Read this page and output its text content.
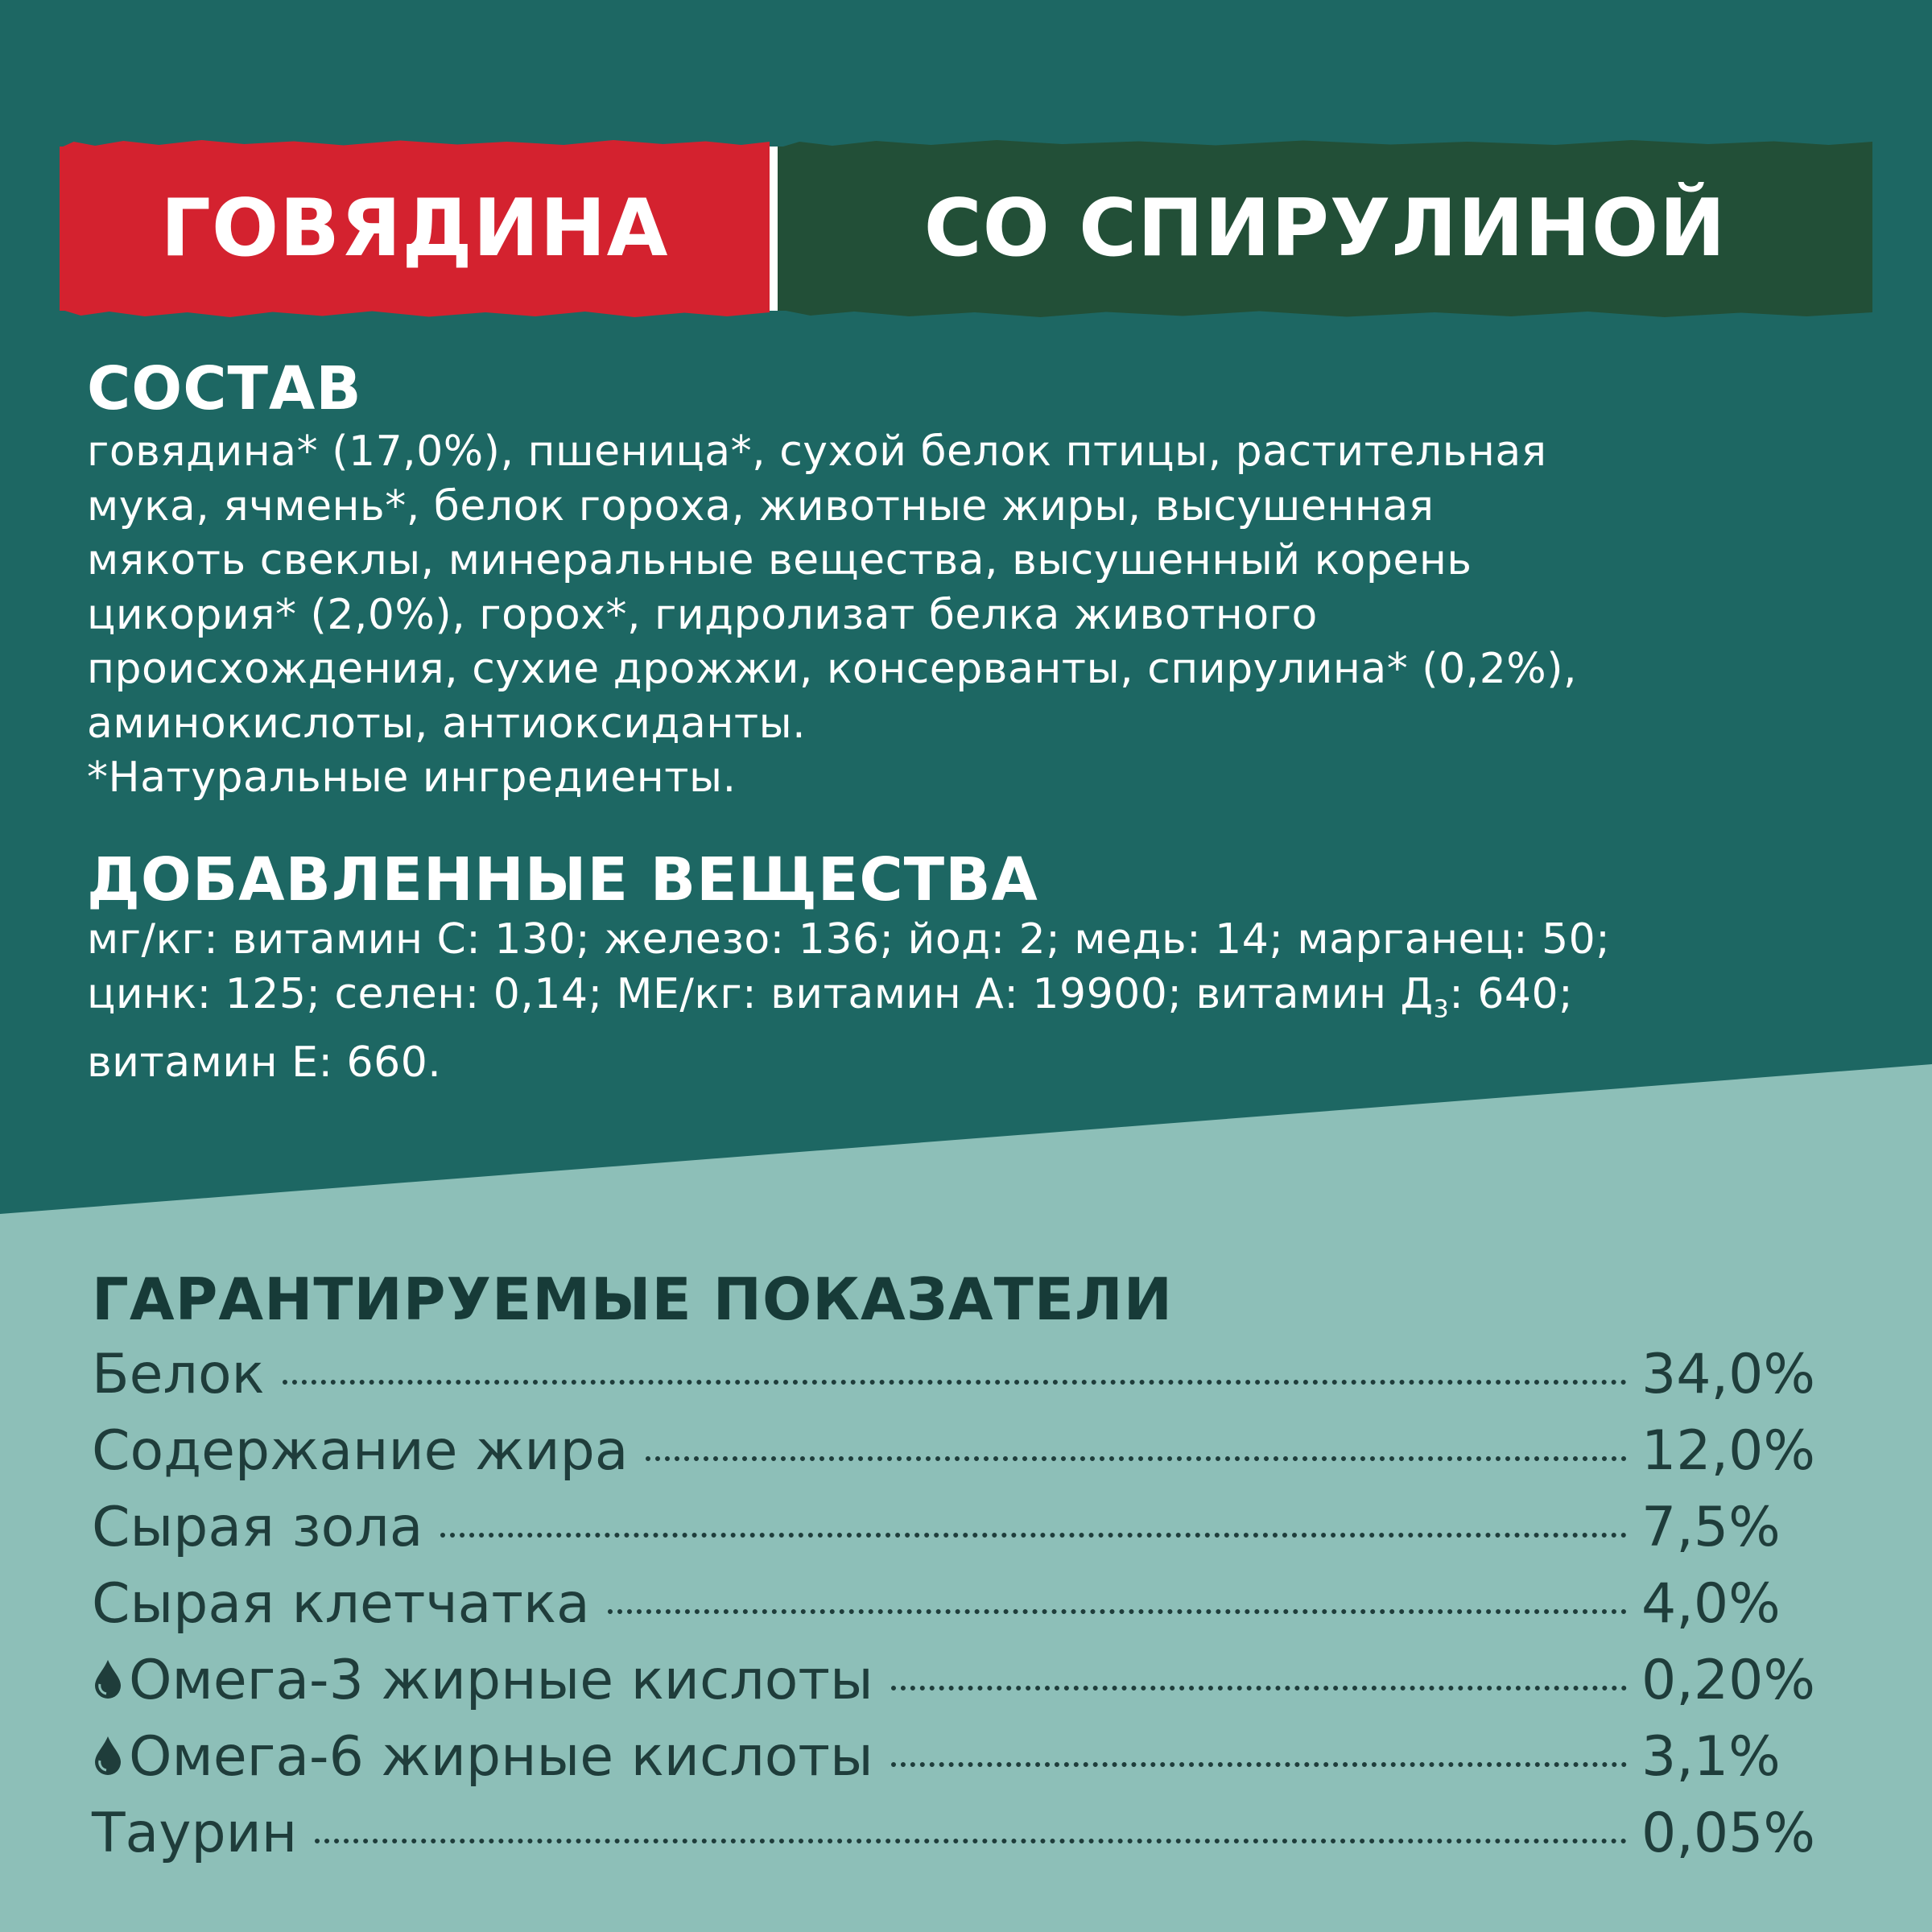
ГОВЯДИНА	СО СПИРУЛИНОЙ
СОСТАВ
говядина* (17,0%), пшеница*, сухой белок птицы, растительная
мука, ячмень*, белок гороха, животные жиры, высушенная
мякоть свеклы, минеральные вещества, высушенный корень
цикория* (2,0%), горох*, гидролизат белка животного
происхождения, сухие дрожжи, консерванты, спирулина* (0,2%),
аминокислоты, антиоксиданты.
*Натуральные ингредиенты.
ДОБАВЛЕННЫЕ ВЕЩЕСТВА
мг/кг: витамин С: 130; железо: 136; йод: 2; медь: 14; марганец: 50;
цинк: 125; селен: 0,14; МЕ/кг: витамин А: 19900; витамин $Д_3$: 640;
витамин Е: 660.
ГАРАНТИРУЕМЫЕ ПОКАЗАТЕЛИ
Белок	34,0%
Содержание жира	12,0%
Сырая зола	7,5%
Сырая клетчатка	4,0%
Омега-3 жирные кислоты	0,20%
Омега-6 жирные кислоты	3,1%
Таурин	0,05%
